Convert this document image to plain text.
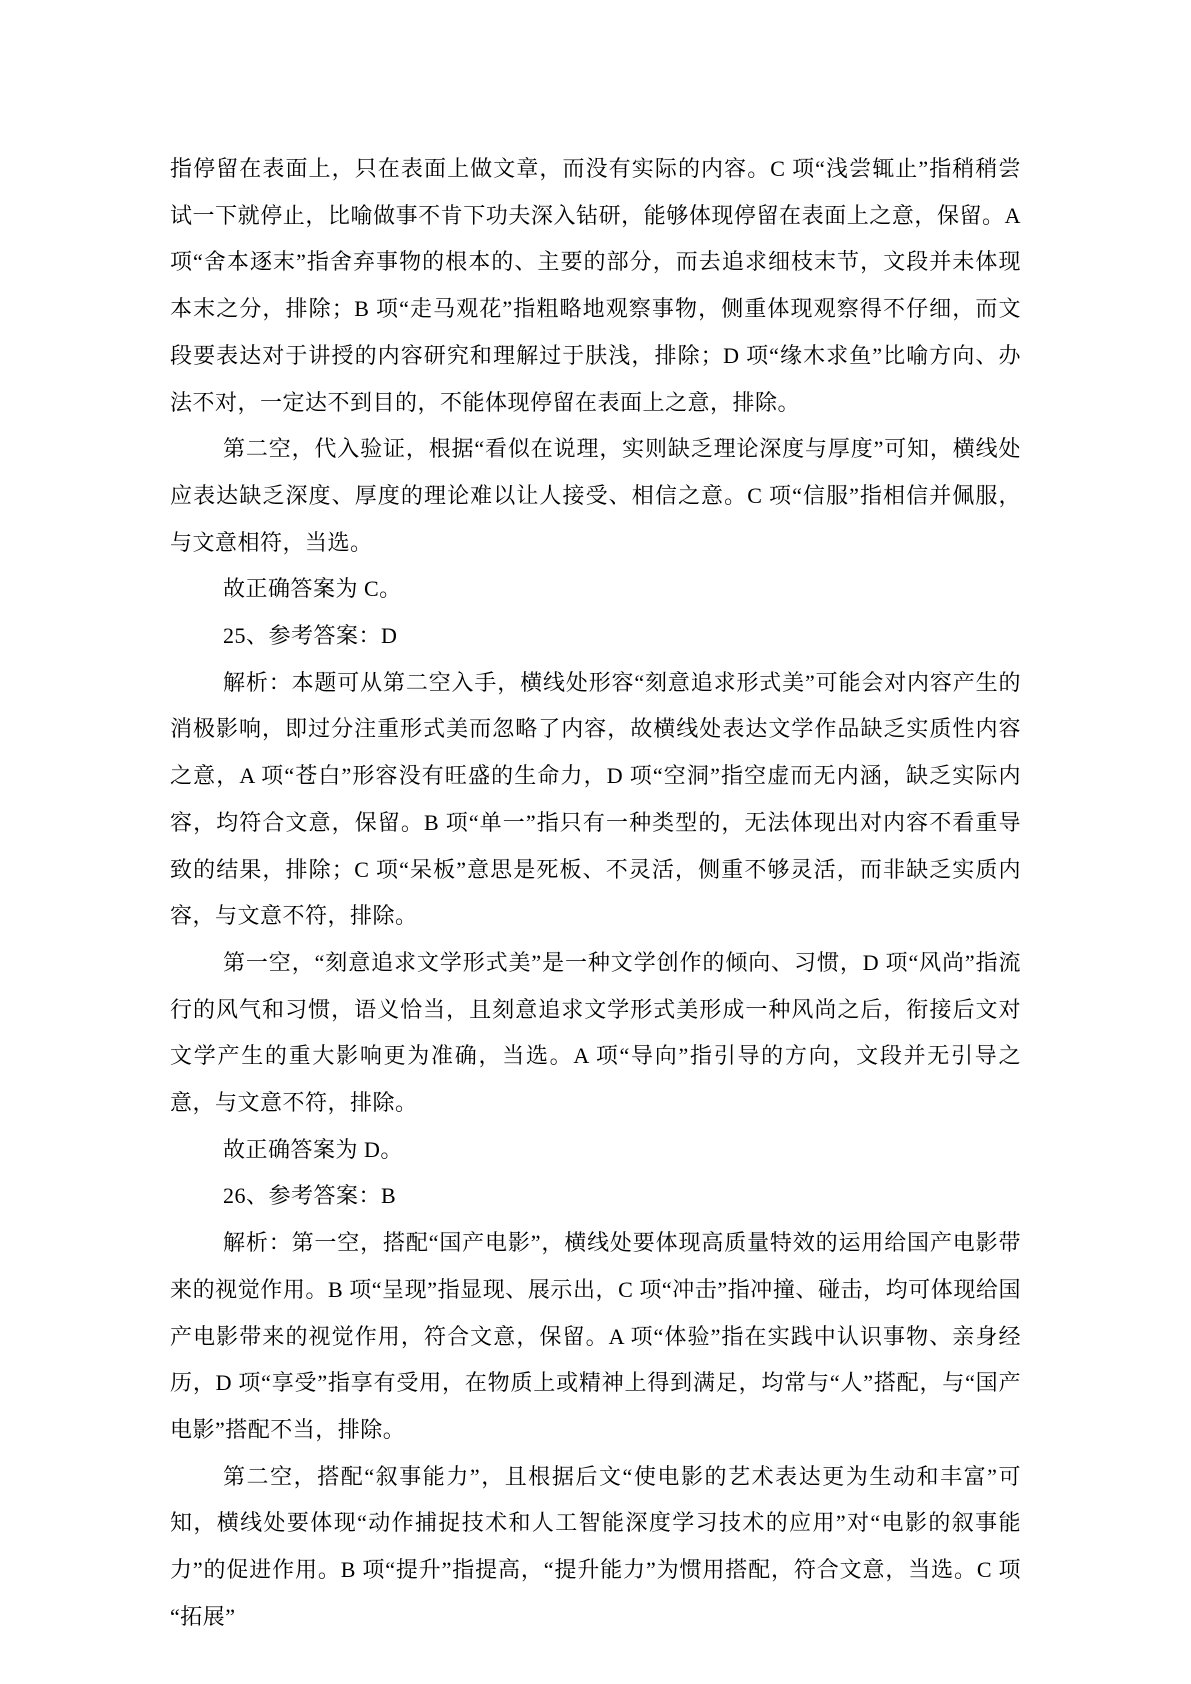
指停留在表面上，只在表面上做文章，而没有实际的内容。C 项“浅尝辄止”指稍稍尝试一下就停止，比喻做事不肯下功夫深入钻研，能够体现停留在表面上之意，保留。A 项“舍本逐末”指舍弃事物的根本的、主要的部分，而去追求细枝末节，文段并未体现本末之分，排除；B 项“走马观花”指粗略地观察事物，侧重体现观察得不仔细，而文段要表达对于讲授的内容研究和理解过于肤浅，排除；D 项“缘木求鱼”比喻方向、办法不对，一定达不到目的，不能体现停留在表面上之意，排除。

第二空，代入验证，根据“看似在说理，实则缺乏理论深度与厚度”可知，横线处应表达缺乏深度、厚度的理论难以让人接受、相信之意。C 项“信服”指相信并佩服，与文意相符，当选。

故正确答案为 C。

25、参考答案：D

解析：本题可从第二空入手，横线处形容“刻意追求形式美”可能会对内容产生的消极影响，即过分注重形式美而忽略了内容，故横线处表达文学作品缺乏实质性内容之意，A 项“苍白”形容没有旺盛的生命力，D 项“空洞”指空虚而无内涵，缺乏实际内容，均符合文意，保留。B 项“单一”指只有一种类型的，无法体现出对内容不看重导致的结果，排除；C 项“呆板”意思是死板、不灵活，侧重不够灵活，而非缺乏实质内容，与文意不符，排除。

第一空，“刻意追求文学形式美”是一种文学创作的倾向、习惯，D 项“风尚”指流行的风气和习惯，语义恰当，且刻意追求文学形式美形成一种风尚之后，衔接后文对文学产生的重大影响更为准确，当选。A 项“导向”指引导的方向，文段并无引导之意，与文意不符，排除。

故正确答案为 D。

26、参考答案：B

解析：第一空，搭配“国产电影”，横线处要体现高质量特效的运用给国产电影带来的视觉作用。B 项“呈现”指显现、展示出，C 项“冲击”指冲撞、碰击，均可体现给国产电影带来的视觉作用，符合文意，保留。A 项“体验”指在实践中认识事物、亲身经历，D 项“享受”指享有受用，在物质上或精神上得到满足，均常与“人”搭配，与“国产电影”搭配不当，排除。

第二空，搭配“叙事能力”，且根据后文“使电影的艺术表达更为生动和丰富”可知，横线处要体现“动作捕捉技术和人工智能深度学习技术的应用”对“电影的叙事能力”的促进作用。B 项“提升”指提高，“提升能力”为惯用搭配，符合文意，当选。C 项“拓展”
